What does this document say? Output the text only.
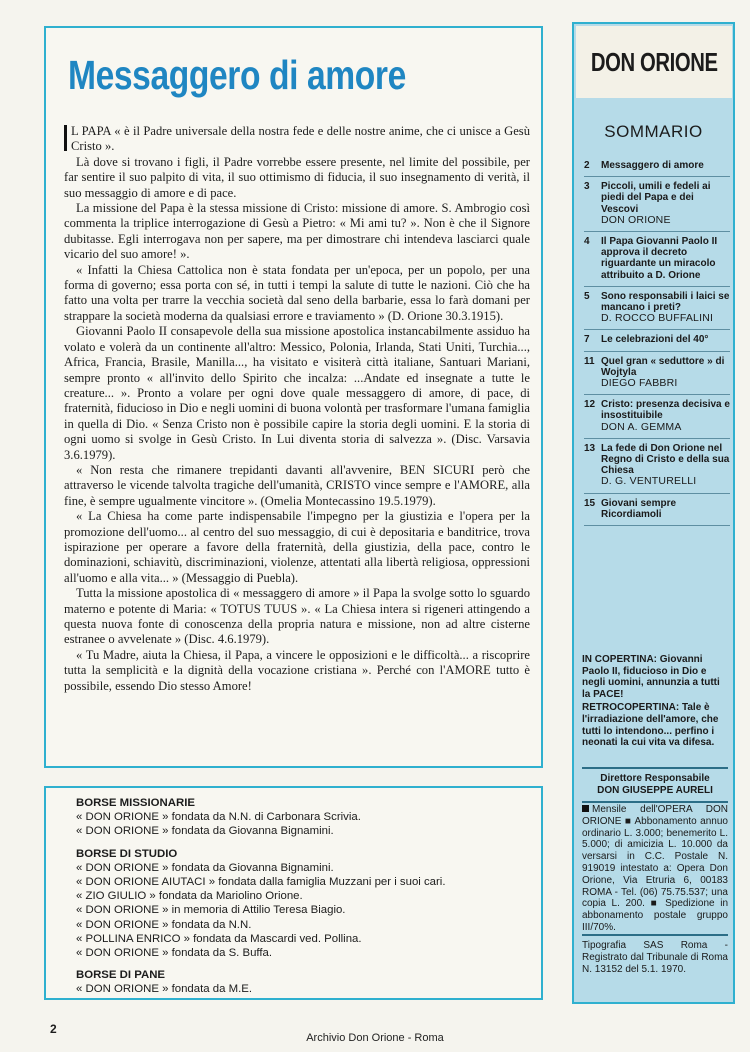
Messaggero di amore

L PAPA « è il Padre universale della nostra fede e delle nostre anime, che ci unisce a Gesù Cristo ».

Là dove si trovano i figli, il Padre vorrebbe essere presente, nel limite del possibile, per far sentire il suo palpito di vita, il suo ottimismo di fiducia, il suo insegnamento di verità, il suo messaggio di amore e di pace.

La missione del Papa è la stessa missione di Cristo: missione di amore. S. Ambrogio così commenta la triplice interrogazione di Gesù a Pietro: « Mi ami tu? ». Non è che il Signore dubitasse. Egli interrogava non per sapere, ma per dimostrare chi intendeva lasciarci quale vicario del suo amore! ».

« Infatti la Chiesa Cattolica non è stata fondata per un'epoca, per un popolo, per una forma di governo; essa porta con sé, in tutti i tempi la salute di tutte le nazioni. Ciò che ha fatto una volta per trarre la vecchia società dal seno della barbarie, essa lo farà domani per strappare la società moderna da qualsiasi errore e traviamento » (D. Orione 30.3.1915).

Giovanni Paolo II consapevole della sua missione apostolica instancabilmente assiduo ha volato e volerà da un continente all'altro: Messico, Polonia, Irlanda, Stati Uniti, Turchia..., Africa, Francia, Brasile, Manilla..., ha visitato e visiterà città italiane, Santuari Mariani, sempre pronto « all'invito dello Spirito che incalza: ...Andate ed insegnate a tutte le creature... ». Pronto a volare per ogni dove quale messaggero di amore, di pace, di fraternità, fiducioso in Dio e negli uomini di buona volontà per trasformare l'umana famiglia in quella di Dio. « Senza Cristo non è possibile capire la storia degli uomini. E la storia di ogni uomo si svolge in Gesù Cristo. In Lui diventa storia di salvezza ». (Disc. Varsavia 3.6.1979).

« Non resta che rimanere trepidanti davanti all'avvenire, BEN SICURI però che attraverso le vicende talvolta tragiche dell'umanità, CRISTO vince sempre e l'AMORE, alla fine, è sempre ugualmente vincitore ». (Omelia Montecassino 19.5.1979).

« La Chiesa ha come parte indispensabile l'impegno per la giustizia e l'opera per la promozione dell'uomo... al centro del suo messaggio, di cui è depositaria e banditrice, trova ispirazione per operare a favore della fraternità, della giustizia, della pace, contro le dominazioni, schiavitù, discriminazioni, violenze, attentati alla libertà religiosa, oppressioni all'uomo e alla vita... » (Messaggio di Puebla).

Tutta la missione apostolica di « messaggero di amore » il Papa la svolge sotto lo sguardo materno e potente di Maria: « TOTUS TUUS ». « La Chiesa intera si rigeneri attingendo a questa nuova fonte di conoscenza della propria natura e missione, non ad altre cisterne estranee o avvelenate » (Disc. 4.6.1979).

« Tu Madre, aiuta la Chiesa, il Papa, a vincere le opposizioni e le difficoltà... a riscoprire tutta la semplicità e la dignità della vocazione cristiana ». Perché con l'AMORE tutto è possibile, essendo Dio stesso Amore!

BORSE MISSIONARIE
« DON ORIONE » fondata da N.N. di Carbonara Scrivia.
« DON ORIONE » fondata da Giovanna Bignamini.
BORSE DI STUDIO
« DON ORIONE » fondata da Giovanna Bignamini.
« DON ORIONE AIUTACI » fondata dalla famiglia Muzzani per i suoi cari.
« ZIO GIULIO » fondata da Mariolino Orione.
« DON ORIONE » in memoria di Attilio Teresa Biagio.
« DON ORIONE » fondata da N.N.
« POLLINA ENRICO » fondata da Mascardi ved. Pollina.
« DON ORIONE » fondata da S. Buffa.
BORSE DI PANE
« DON ORIONE » fondata da M.E.
DON ORIONE
SOMMARIO
2	Messaggero di amore
3	Piccoli, umili e fedeli ai piedi del Papa e dei Vescovi
DON ORIONE
4	Il Papa Giovanni Paolo II approva il decreto riguardante un miracolo attribuito a D. Orione
5	Sono responsabili i laici se mancano i preti?
D. ROCCO BUFFALINI
7	Le celebrazioni del 40°
11 Quel gran « seduttore » di Wojtyla
DIEGO FABBRI
12 Cristo: presenza decisiva e insostituibile
DON A. GEMMA
13 La fede di Don Orione nel Regno di Cristo e della sua Chiesa
D. G. VENTURELLI
15 Giovani sempre Ricordiamoli

IN COPERTINA: Giovanni Paolo II, fiducioso in Dio e negli uomini, annunzia a tutti la PACE!

RETROCOPERTINA: Tale è l'irradiazione dell'amore, che tutti lo intendono... perfino i neonati la cui vita va difesa.

Direttore Responsabile
DON GIUSEPPE AURELI
Mensile dell'OPERA DON ORIONE ■ Abbonamento annuo ordinario L. 3.000; benemerito L. 5.000; di amicizia L. 10.000 da versarsi in C.C. Postale N. 919019 intestato a: Opera Don Orione, Via Etruria 6, 00183 ROMA - Tel. (06) 75.75.537; una copia L. 200. ■ Spedizione in abbonamento postale gruppo III/70%.
Tipografia SAS Roma - Registrato dal Tribunale di Roma N. 13152 del 5.1. 1970.
2
Archivio Don Orione - Roma
